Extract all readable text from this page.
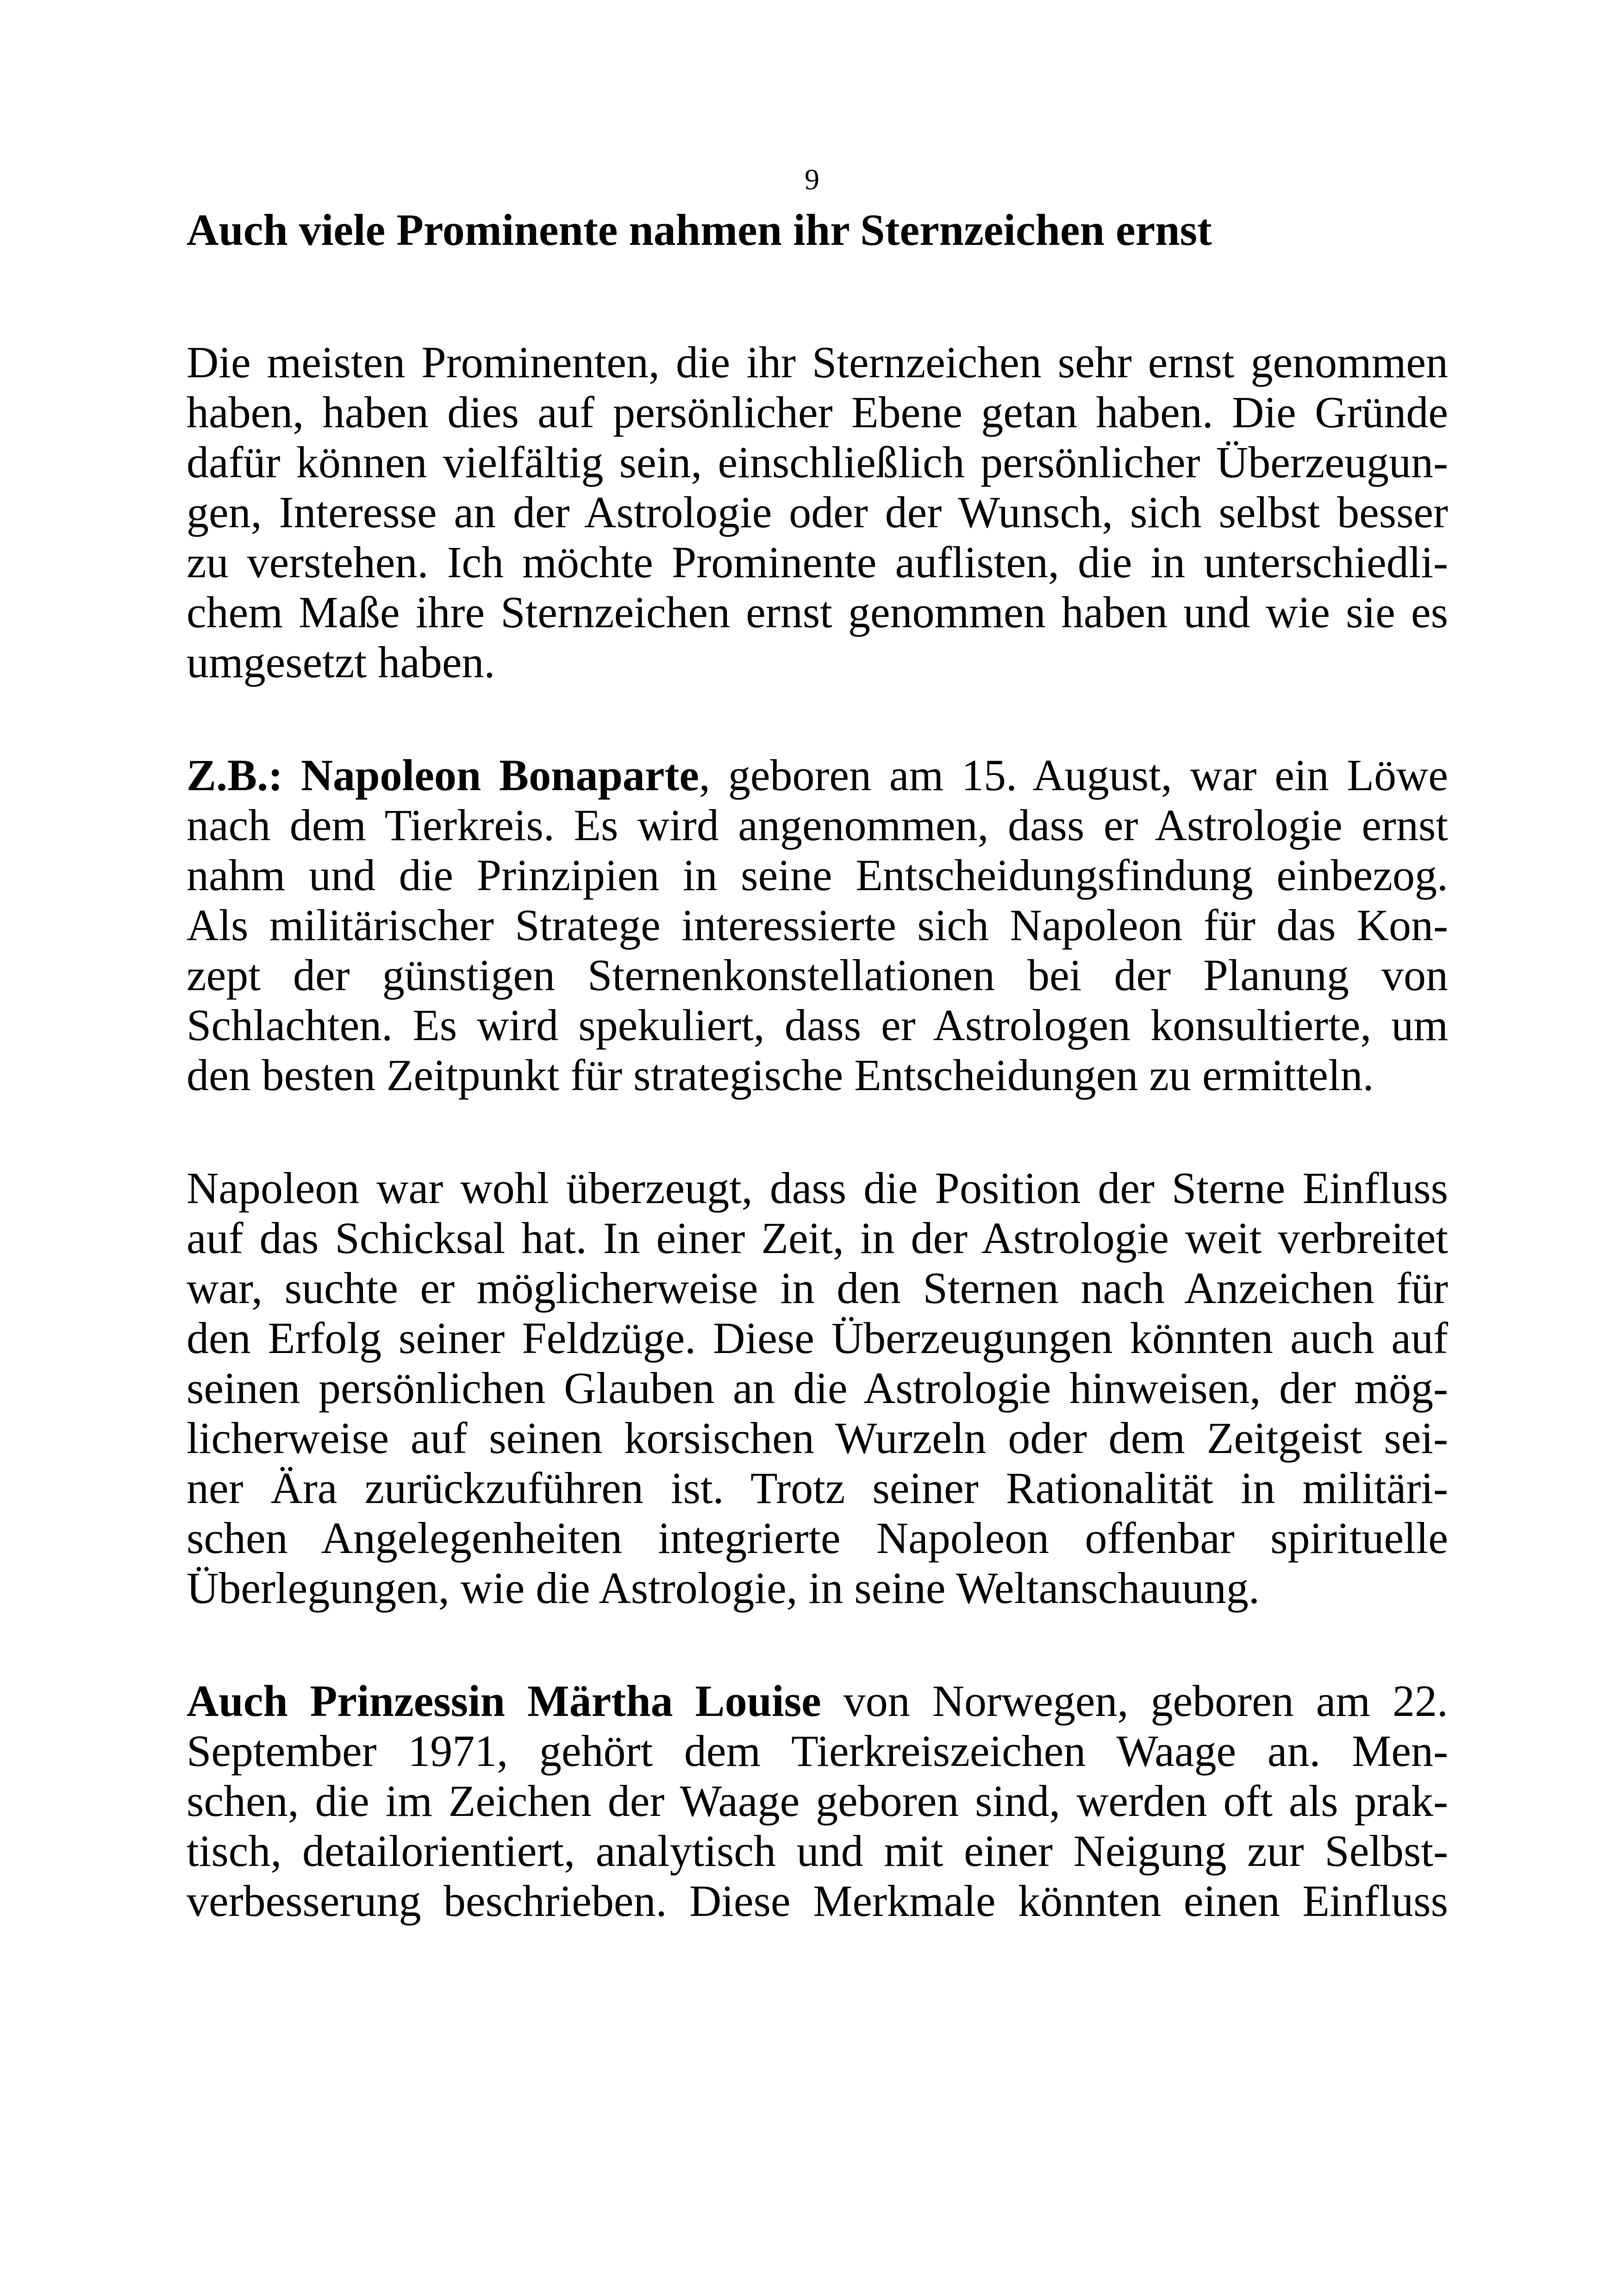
9
Auch viele Prominente nahmen ihr Sternzeichen ernst

Die meisten Prominenten, die ihr Sternzeichen sehr ernst genommen

haben, haben dies auf persönlicher Ebene getan haben. Die Gründe

dafür können vielfältig sein, einschließlich persönlicher Überzeugun-

gen, Interesse an der Astrologie oder der Wunsch, sich selbst besser

zu verstehen. Ich möchte Prominente auflisten, die in unterschiedli-

chem Maße ihre Sternzeichen ernst genommen haben und wie sie es

umgesetzt haben.

Z.B.: Napoleon Bonaparte, geboren am 15. August, war ein Löwe

nach dem Tierkreis. Es wird angenommen, dass er Astrologie ernst

nahm und die Prinzipien in seine Entscheidungsfindung einbezog.

Als militärischer Stratege interessierte sich Napoleon für das Kon-

zept der günstigen Sternenkonstellationen bei der Planung von

Schlachten. Es wird spekuliert, dass er Astrologen konsultierte, um

den besten Zeitpunkt für strategische Entscheidungen zu ermitteln.

Napoleon war wohl überzeugt, dass die Position der Sterne Einfluss

auf das Schicksal hat. In einer Zeit, in der Astrologie weit verbreitet

war, suchte er möglicherweise in den Sternen nach Anzeichen für

den Erfolg seiner Feldzüge. Diese Überzeugungen könnten auch auf

seinen persönlichen Glauben an die Astrologie hinweisen, der mög-

licherweise auf seinen korsischen Wurzeln oder dem Zeitgeist sei-

ner Ära zurückzuführen ist. Trotz seiner Rationalität in militäri-

schen Angelegenheiten integrierte Napoleon offenbar spirituelle

Überlegungen, wie die Astrologie, in seine Weltanschauung.

Auch Prinzessin Märtha Louise von Norwegen, geboren am 22.

September 1971, gehört dem Tierkreiszeichen Waage an. Men-

schen, die im Zeichen der Waage geboren sind, werden oft als prak-

tisch, detailorientiert, analytisch und mit einer Neigung zur Selbst-

verbesserung beschrieben. Diese Merkmale könnten einen Einfluss
